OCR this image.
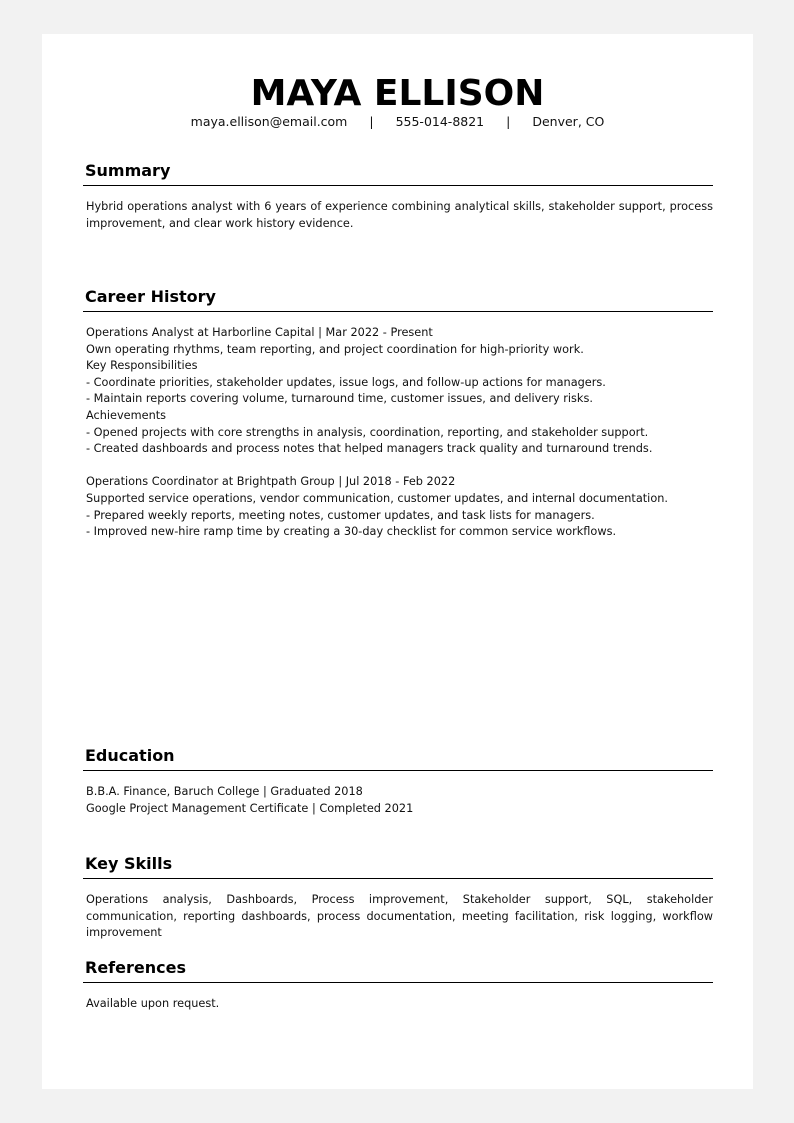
MAYA ELLISON
maya.ellison@email.com | 555-014-8821 | Denver, CO
Summary

Hybrid operations analyst with 6 years of experience combining analytical skills, stakeholder support, process improvement, and clear work history evidence.

Career History

Operations Analyst at Harborline Capital | Mar 2022 - Present

Own operating rhythms, team reporting, and project coordination for high-priority work.

Key Responsibilities

- Coordinate priorities, stakeholder updates, issue logs, and follow-up actions for managers.

- Maintain reports covering volume, turnaround time, customer issues, and delivery risks.

Achievements

- Opened projects with core strengths in analysis, coordination, reporting, and stakeholder support.

- Created dashboards and process notes that helped managers track quality and turnaround trends.

Operations Coordinator at Brightpath Group | Jul 2018 - Feb 2022

Supported service operations, vendor communication, customer updates, and internal documentation.

- Prepared weekly reports, meeting notes, customer updates, and task lists for managers.

- Improved new-hire ramp time by creating a 30-day checklist for common service workflows.

Education

B.B.A. Finance, Baruch College | Graduated 2018

Google Project Management Certificate | Completed 2021

Key Skills

Operations analysis, Dashboards, Process improvement, Stakeholder support, SQL, stakeholder communication, reporting dashboards, process documentation, meeting facilitation, risk logging, workflow improvement

References

Available upon request.
